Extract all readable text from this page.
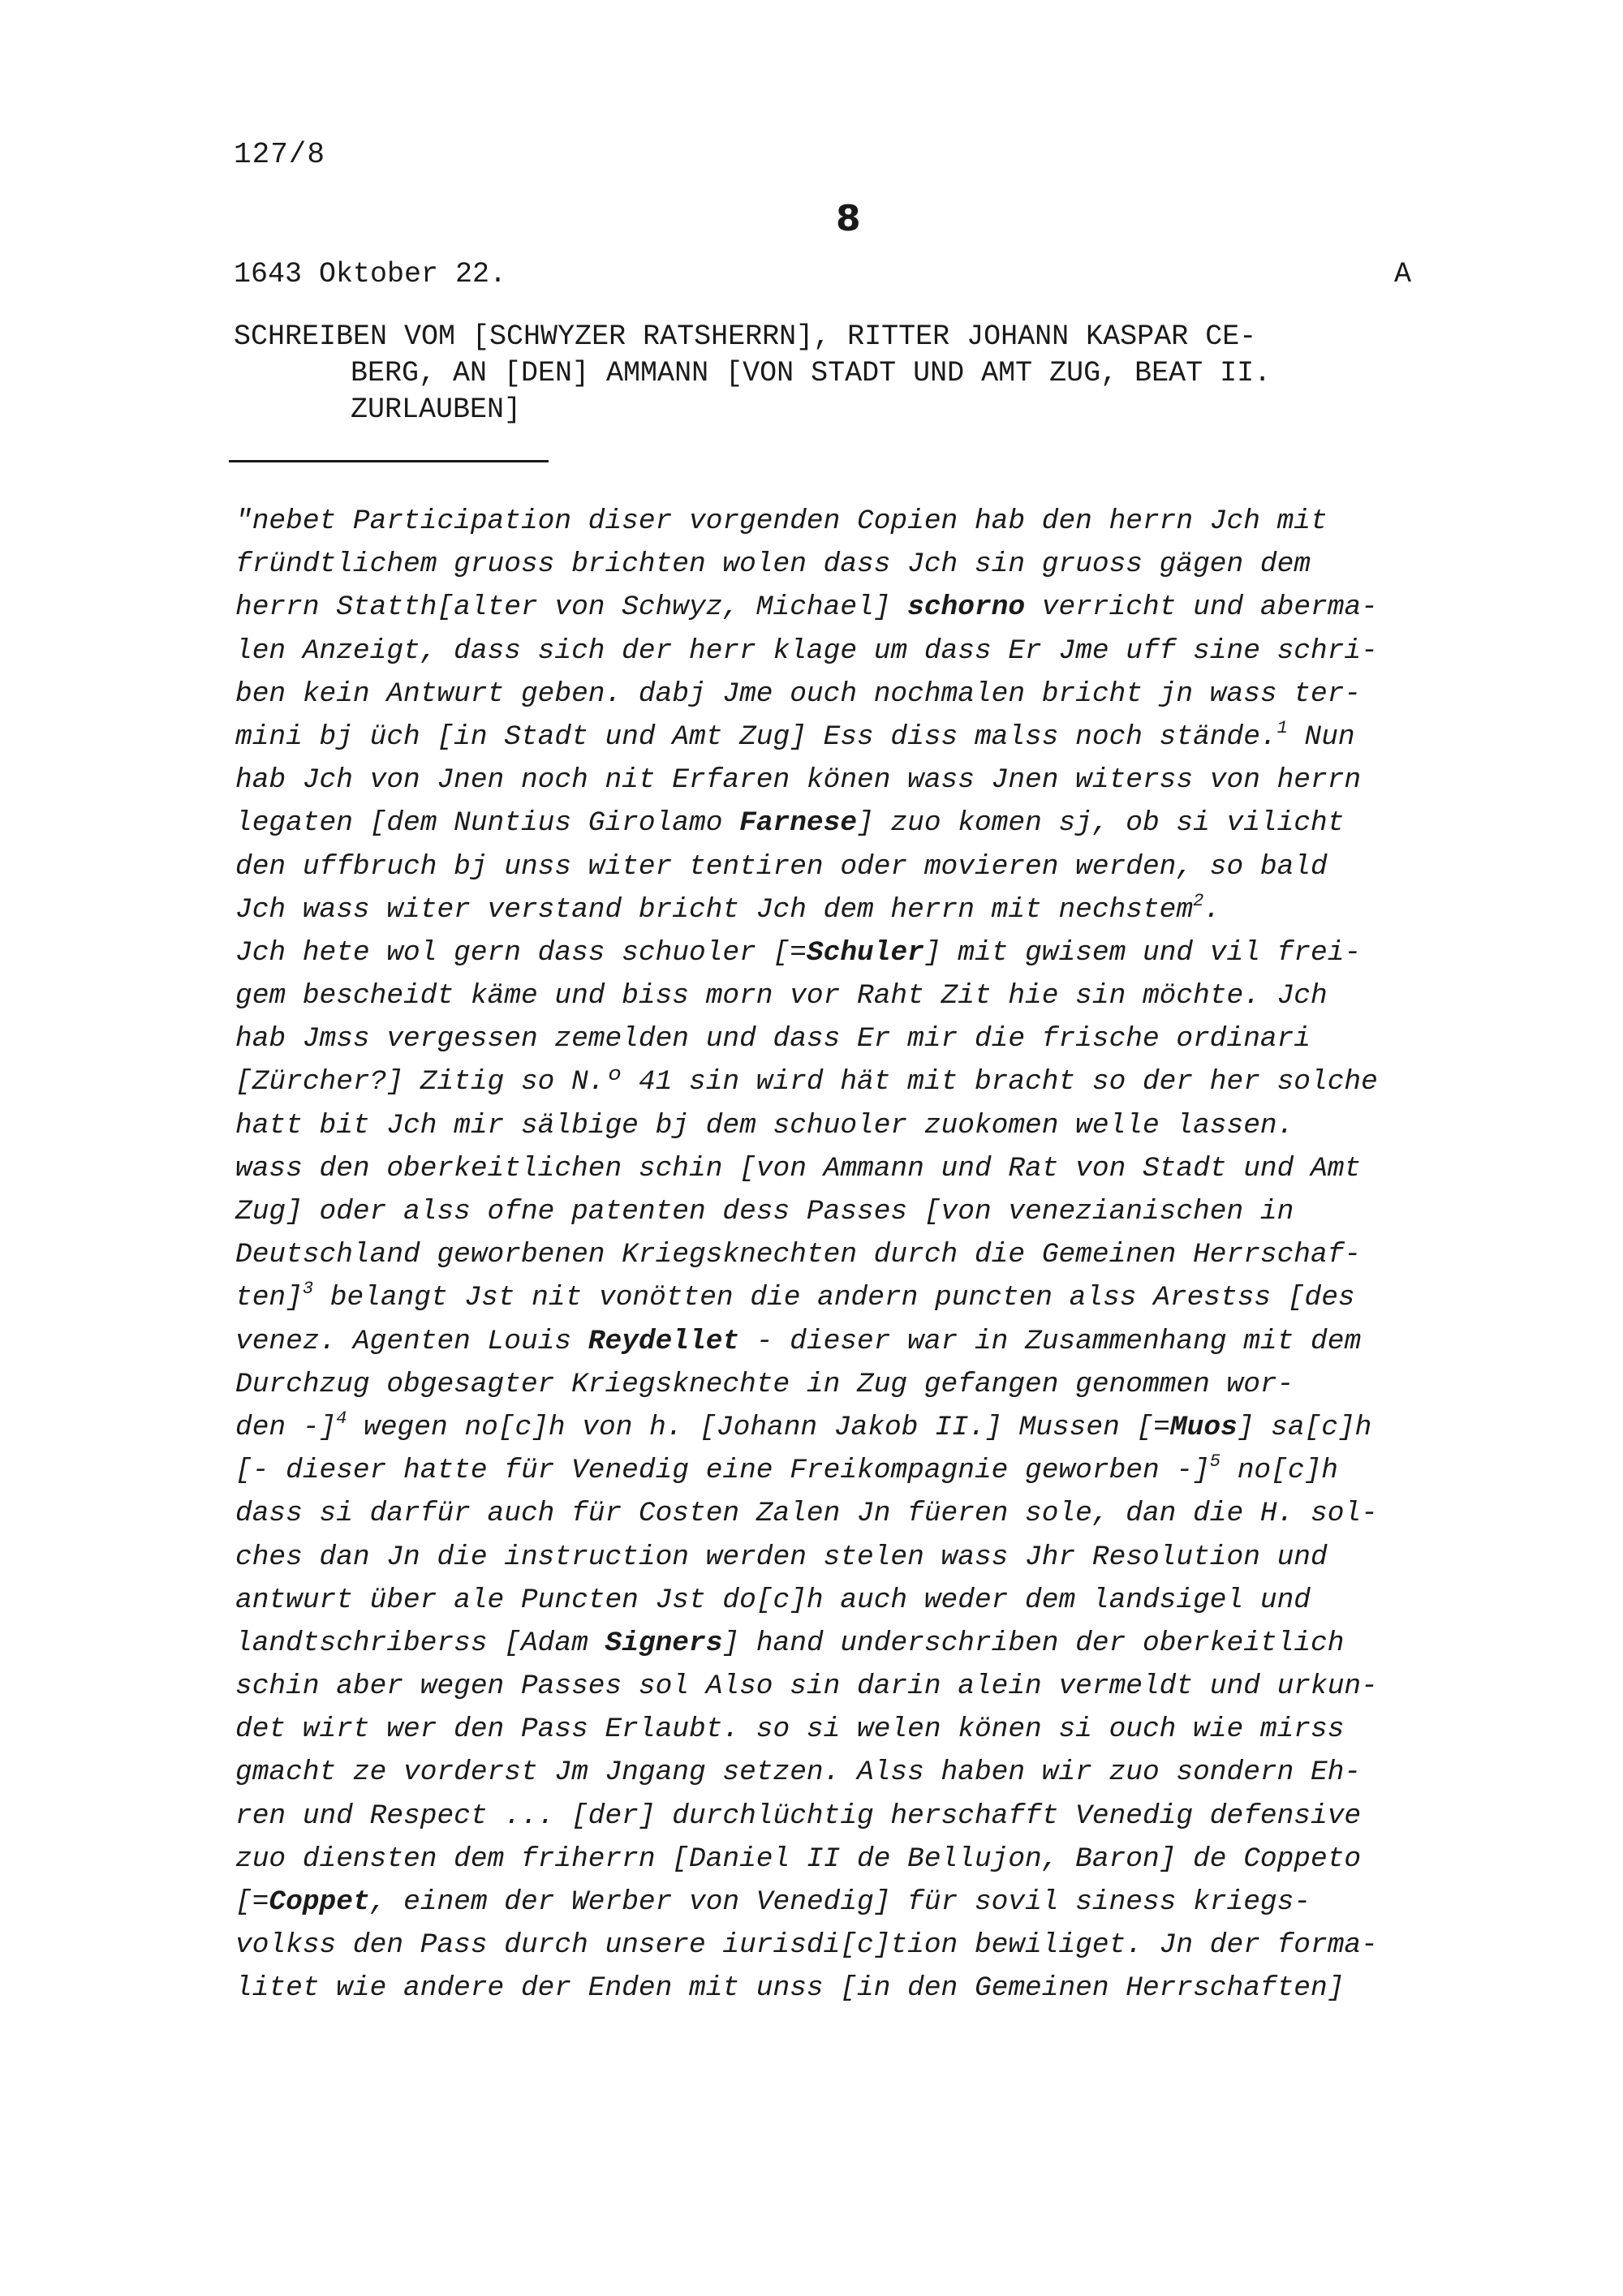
127/8
8
1643 Oktober 22.	A
SCHREIBEN VOM [SCHWYZER RATSHERRN], RITTER JOHANN KASPAR CE-
BERG, AN [DEN] AMMANN [VON STADT UND AMT ZUG, BEAT II.
ZURLAUBEN]
"nebet Participation diser vorgenden Copien hab den herrn Jch mit
fründtlichem gruoss brichten wolen dass Jch sin gruoss gägen dem
herrn Statth[alter von Schwyz, Michael] schorno verricht und aberma-
len Anzeigt, dass sich der herr klage um dass Er Jme uff sine schri-
ben kein Antwurt geben. dabj Jme ouch nochmalen bricht jn wass ter-
mini bj üch [in Stadt und Amt Zug] Ess diss malss noch stände.$^1$ Nun
hab Jch von Jnen noch nit Erfaren könen wass Jnen witerss von herrn
legaten [dem Nuntius Girolamo Farnese] zuo komen sj, ob si vilicht
den uffbruch bj unss witer tentiren oder movieren werden, so bald
Jch wass witer verstand bricht Jch dem herrn mit nechstem$^2$.
Jch hete wol gern dass schuoler [=Schuler] mit gwisem und vil frei-
gem bescheidt käme und biss morn vor Raht Zit hie sin möchte. Jch
hab Jmss vergessen zemelden und dass Er mir die frische ordinari
[Zürcher?] Zitig so N.º 41 sin wird hät mit bracht so der her solche
hatt bit Jch mir sälbige bj dem schuoler zuokomen welle lassen.
wass den oberkeitlichen schin [von Ammann und Rat von Stadt und Amt
Zug] oder alss ofne patenten dess Passes [von venezianischen in
Deutschland geworbenen Kriegsknechten durch die Gemeinen Herrschaf-
ten]$^3$ belangt Jst nit vonötten die andern puncten alss Arestss [des
venez. Agenten Louis Reydellet - dieser war in Zusammenhang mit dem
Durchzug obgesagter Kriegsknechte in Zug gefangen genommen wor-
den -]$^4$ wegen no[c]h von h. [Johann Jakob II.] Mussen [=Muos] sa[c]h
[- dieser hatte für Venedig eine Freikompagnie geworben -]$^5$ no[c]h
dass si darfür auch für Costen Zalen Jn füeren sole, dan die H. sol-
ches dan Jn die instruction werden stelen wass Jhr Resolution und
antwurt über ale Puncten Jst do[c]h auch weder dem landsigel und
landtschriberss [Adam Signers] hand underschriben der oberkeitlich
schin aber wegen Passes sol Also sin darin alein vermeldt und urkun-
det wirt wer den Pass Erlaubt. so si welen könen si ouch wie mirss
gmacht ze vorderst Jm Jngang setzen. Alss haben wir zuo sondern Eh-
ren und Respect ... [der] durchlüchtig herschafft Venedig defensive
zuo diensten dem friherrn [Daniel II de Bellujon, Baron] de Coppeto
[=Coppet, einem der Werber von Venedig] für sovil siness kriegs-
volkss den Pass durch unsere iurisdi[c]tion bewiliget. Jn der forma-
litet wie andere der Enden mit unss [in den Gemeinen Herrschaften]
